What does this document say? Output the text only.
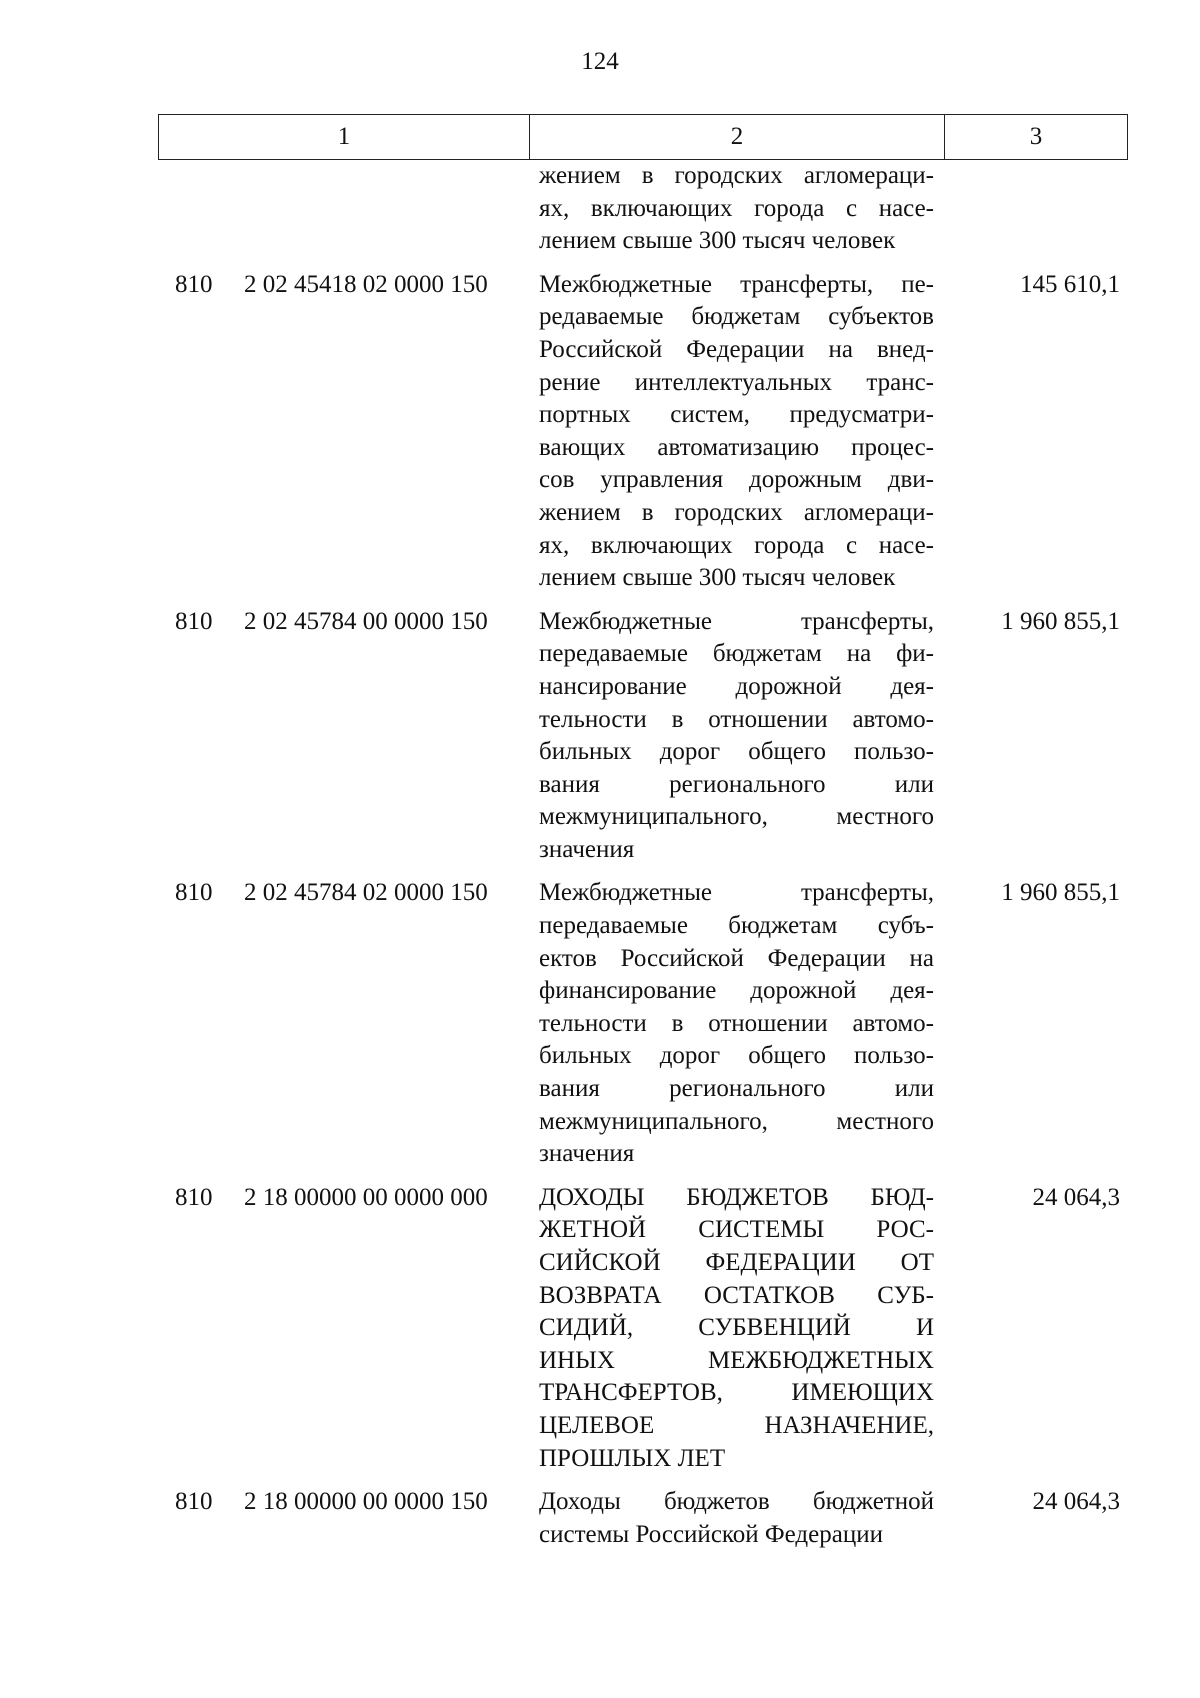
124
1	2	3
жением в городских агломераци-
ях, включающих города с насе-
лением свыше 300 тысяч человек
810	2 02 45418 02 0000 150	Межбюджетные трансферты, пе-
редаваемые бюджетам субъектов
Российской Федерации на внед-
рение интеллектуальных транс-
портных систем, предусматри-
вающих автоматизацию процес-
сов управления дорожным дви-
жением в городских агломераци-
ях, включающих города с насе-
лением свыше 300 тысяч человек
145 610,1
810	2 02 45784 00 0000 150	Межбюджетные трансферты,
передаваемые бюджетам на фи-
нансирование дорожной дея-
тельности в отношении автомо-
бильных дорог общего пользо-
вания регионального или
межмуниципального, местного
значения
1 960 855,1
810	2 02 45784 02 0000 150	Межбюджетные трансферты,
передаваемые бюджетам субъ-
ектов Российской Федерации на
финансирование дорожной дея-
тельности в отношении автомо-
бильных дорог общего пользо-
вания регионального или
межмуниципального, местного
значения
1 960 855,1
810	2 18 00000 00 0000 000	ДОХОДЫ БЮДЖЕТОВ БЮД-
ЖЕТНОЙ СИСТЕМЫ РОС-
СИЙСКОЙ ФЕДЕРАЦИИ ОТ
ВОЗВРАТА ОСТАТКОВ СУБ-
СИДИЙ, СУБВЕНЦИЙ И
ИНЫХ МЕЖБЮДЖЕТНЫХ
ТРАНСФЕРТОВ, ИМЕЮЩИХ
ЦЕЛЕВОЕ НАЗНАЧЕНИЕ,
ПРОШЛЫХ ЛЕТ
24 064,3
810	2 18 00000 00 0000 150	Доходы бюджетов бюджетной
системы Российской Федерации
24 064,3
